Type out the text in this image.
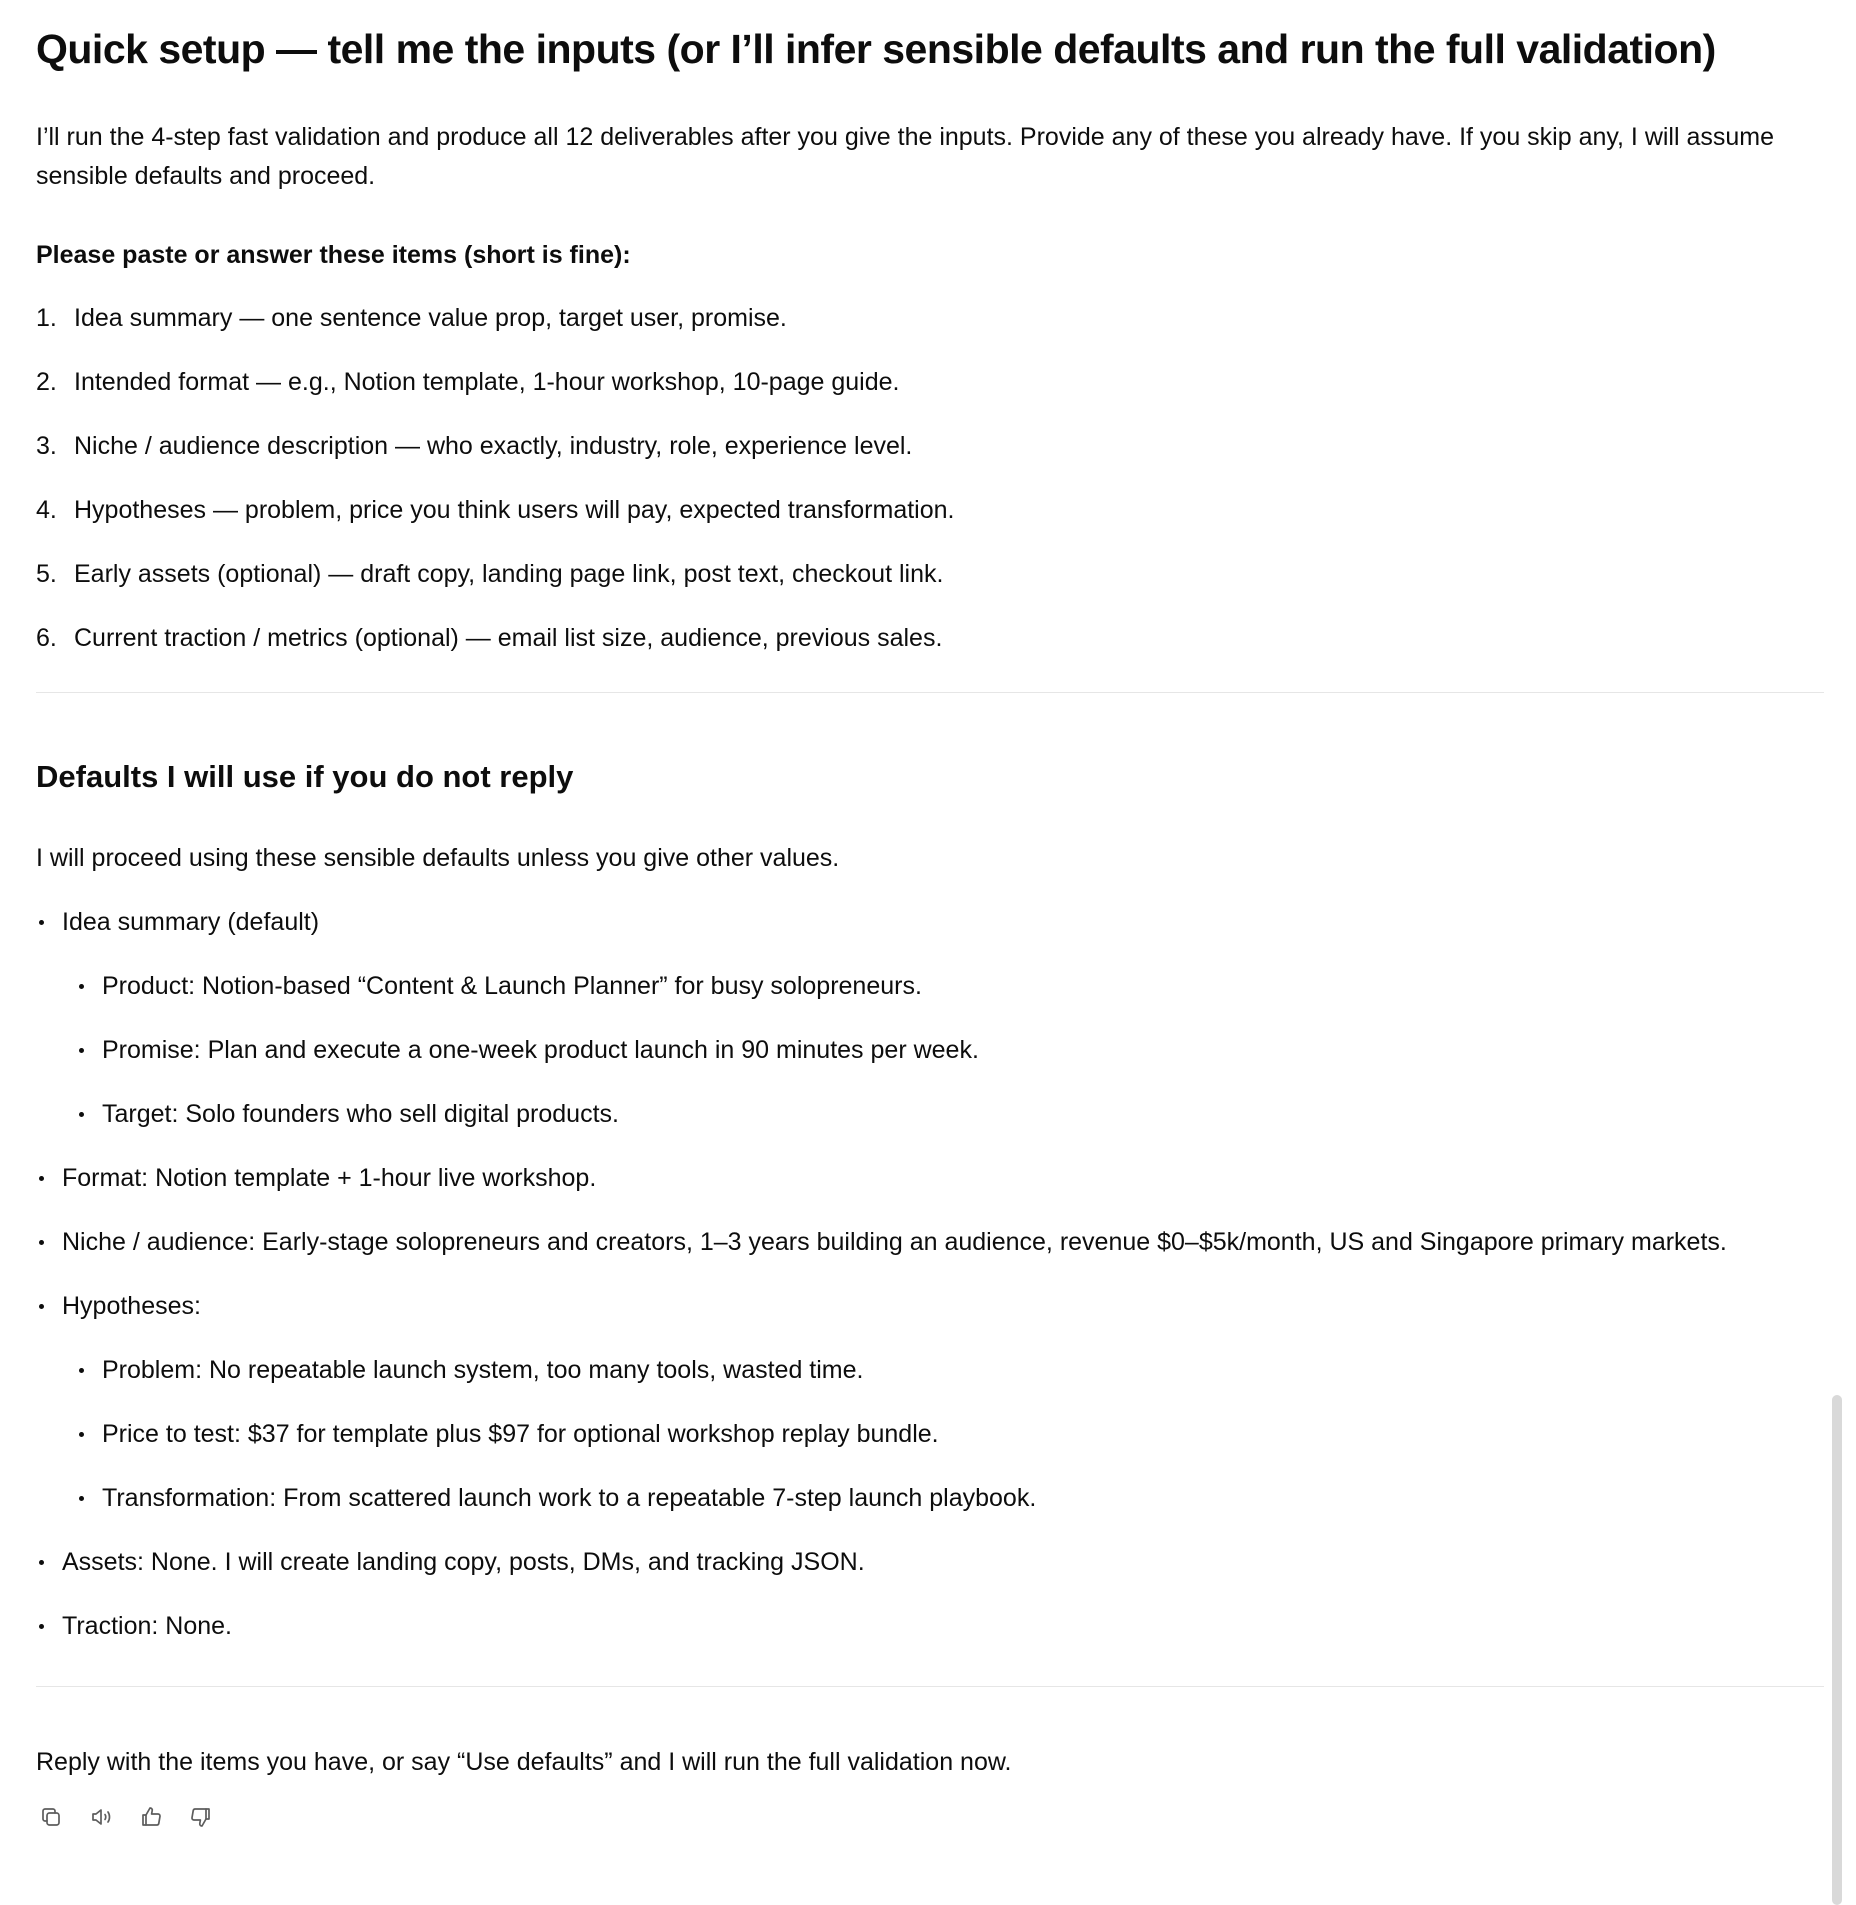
Quick setup — tell me the inputs (or I’ll infer sensible defaults and run the full validation)

I’ll run the 4-step fast validation and produce all 12 deliverables after you give the inputs. Provide any of these you already have. If you skip any, I will assume sensible defaults and proceed.

Please paste or answer these items (short is fine):

1. Idea summary — one sentence value prop, target user, promise.
2. Intended format — e.g., Notion template, 1-hour workshop, 10-page guide.
3. Niche / audience description — who exactly, industry, role, experience level.
4. Hypotheses — problem, price you think users will pay, expected transformation.
5. Early assets (optional) — draft copy, landing page link, post text, checkout link.
6. Current traction / metrics (optional) — email list size, audience, previous sales.
Defaults I will use if you do not reply

I will proceed using these sensible defaults unless you give other values.

Idea summary (default)
Product: Notion-based “Content & Launch Planner” for busy solopreneurs.
Promise: Plan and execute a one-week product launch in 90 minutes per week.
Target: Solo founders who sell digital products.
Format: Notion template + 1-hour live workshop.
Niche / audience: Early-stage solopreneurs and creators, 1–3 years building an audience, revenue $0–$5k/month, US and Singapore primary markets.
Hypotheses:
Problem: No repeatable launch system, too many tools, wasted time.
Price to test: $37 for template plus $97 for optional workshop replay bundle.
Transformation: From scattered launch work to a repeatable 7-step launch playbook.
Assets: None. I will create landing copy, posts, DMs, and tracking JSON.
Traction: None.

Reply with the items you have, or say “Use defaults” and I will run the full validation now.
